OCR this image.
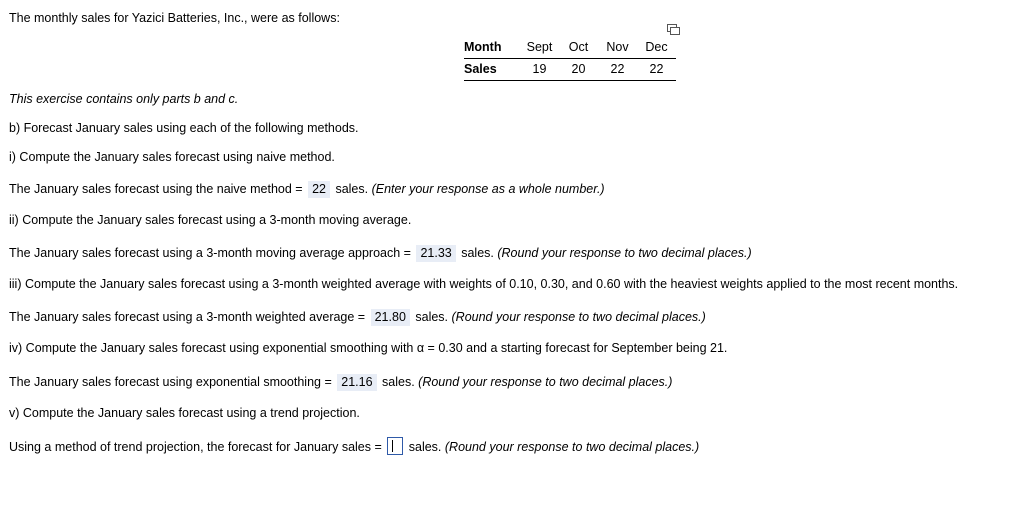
The monthly sales for Yazici Batteries, Inc., were as follows:
Month	Sept	Oct	Nov	Dec
Sales	19	20	22	22
This exercise contains only parts b and c.
b) Forecast January sales using each of the following methods.
i) Compute the January sales forecast using naive method.
The January sales forecast using the naive method = 22 sales. (Enter your response as a whole number.)
ii) Compute the January sales forecast using a 3-month moving average.
The January sales forecast using a 3-month moving average approach = 21.33 sales. (Round your response to two decimal places.)
iii) Compute the January sales forecast using a 3-month weighted average with weights of 0.10, 0.30, and 0.60 with the heaviest weights applied to the most recent months.
The January sales forecast using a 3-month weighted average = 21.80 sales. (Round your response to two decimal places.)
iv) Compute the January sales forecast using exponential smoothing with α = 0.30 and a starting forecast for September being 21.
The January sales forecast using exponential smoothing = 21.16 sales. (Round your response to two decimal places.)
v) Compute the January sales forecast using a trend projection.
Using a method of trend projection, the forecast for January sales = sales. (Round your response to two decimal places.)
